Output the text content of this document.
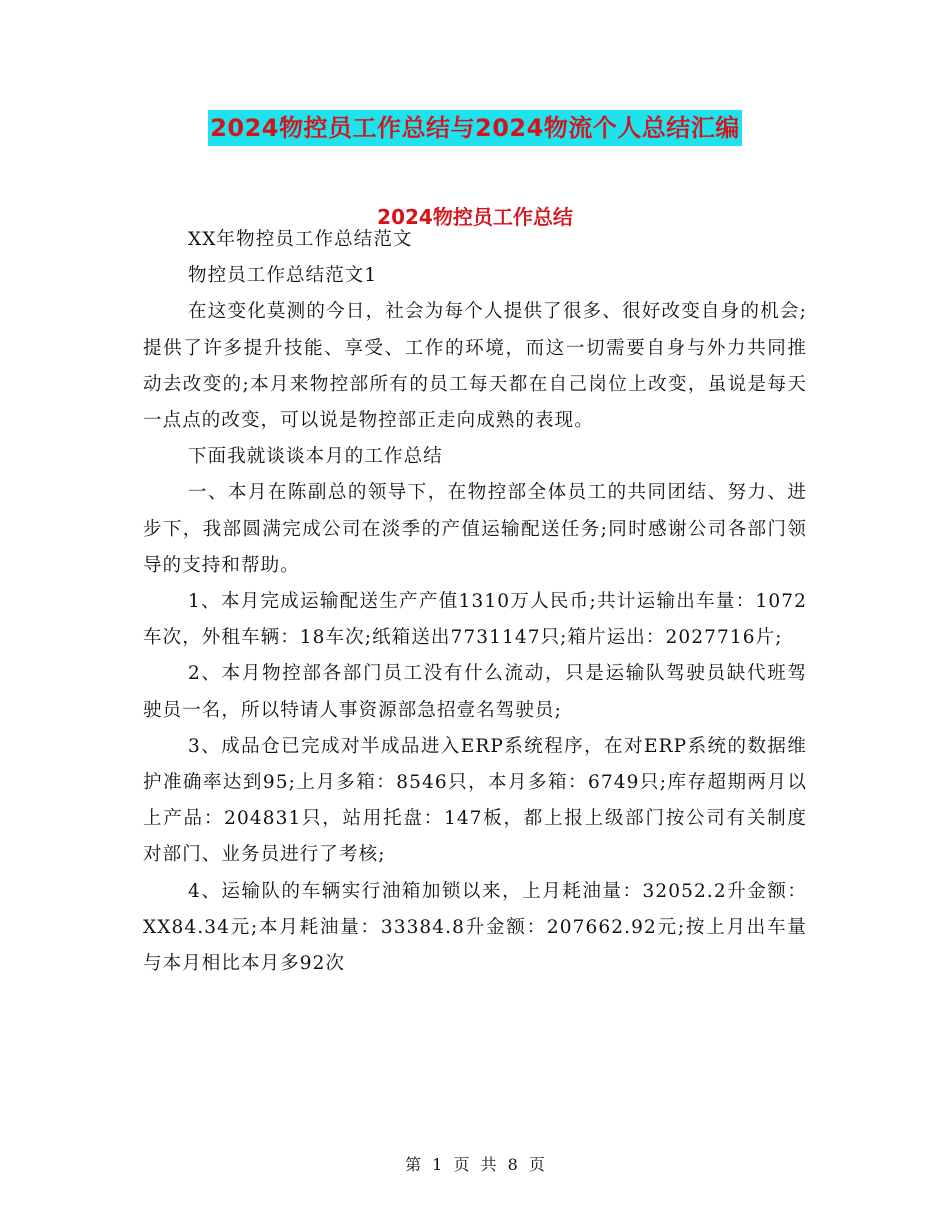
2024物控员工作总结与2024物流个人总结汇编
2024物控员工作总结

XX年物控员工作总结范文

物控员工作总结范文1

在这变化莫测的今日，社会为每个人提供了很多、很好改变自身的机会;提供了许多提升技能、享受、工作的环境，而这一切需要自身与外力共同推动去改变的;本月来物控部所有的员工每天都在自己岗位上改变，虽说是每天一点点的改变，可以说是物控部正走向成熟的表现。

下面我就谈谈本月的工作总结

一、本月在陈副总的领导下，在物控部全体员工的共同团结、努力、进步下，我部圆满完成公司在淡季的产值运输配送任务;同时感谢公司各部门领导的支持和帮助。

1、本月完成运输配送生产产值1310万人民币;共计运输出车量：1072车次，外租车辆：18车次;纸箱送出7731147只;箱片运出：2027716片;

2、本月物控部各部门员工没有什么流动，只是运输队驾驶员缺代班驾驶员一名，所以特请人事资源部急招壹名驾驶员;

3、成品仓已完成对半成品进入ERP系统程序，在对ERP系统的数据维护准确率达到95;上月多箱：8546只，本月多箱：6749只;库存超期两月以上产品：204831只，站用托盘：147板，都上报上级部门按公司有关制度对部门、业务员进行了考核;

4、运输队的车辆实行油箱加锁以来，上月耗油量：32052.2升金额：XX84.34元;本月耗油量：33384.8升金额：207662.92元;按上月出车量与本月相比本月多92次

第 1 页 共 8 页
